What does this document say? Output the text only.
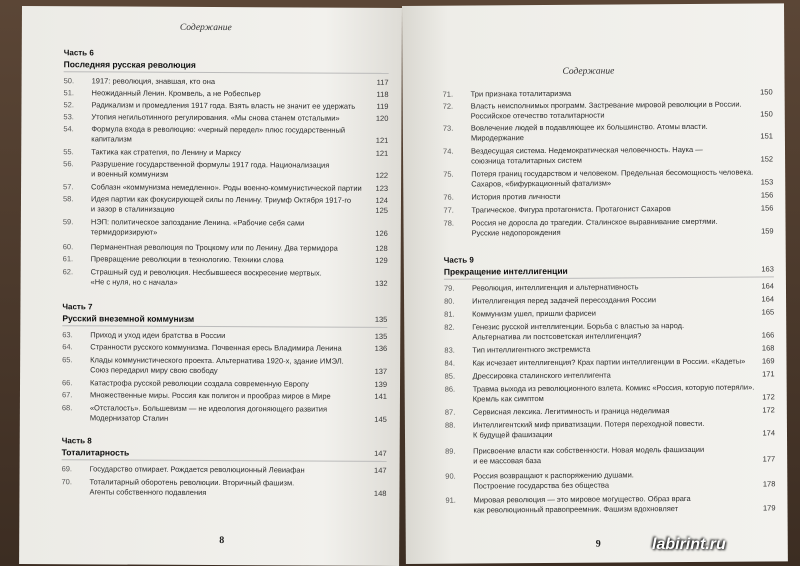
Содержание
Часть 6
Последняя русская революция
50. 1917: революция, знавшая, кто она	117
51. Неожиданный Ленин. Кромвель, а не Робеспьер	118
52. Радикализм и промедления 1917 года. Взять власть не значит ее удержать	119
53. Утопия негильотинного регулирования. «Мы снова станем отсталыми»	120
54. Формула входа в революцию: «черный передел» плюс государственный
капитализм	121
55. Тактика как стратегия, по Ленину и Марксу	121
56. Разрушение государственной формулы 1917 года. Национализация
и военный коммунизм	122
57. Соблазн «коммунизма немедленно». Роды военно-коммунистической партии 123
58. Идея партии как фокусирующей силы по Ленину. Триумф Октября 1917-го	124
и зазор в сталинизацию	125
59. НЭП: политическое запоздание Ленина. «Рабочие себя сами
термидоризируют»	126
60. Перманентная революция по Троцкому или по Ленину. Два термидора	128
61. Превращение революции в технологию. Техники слова	129
62. Страшный суд и революция. Несбывшееся воскресение мертвых.
«Не с нуля, но с начала»	132
Часть 7
Русский внеземной коммунизм	135
63. Приход и уход идеи братства в России	135
64. Странности русского коммунизма. Почвенная ересь Владимира Ленина	136
65. Клады коммунистического проекта. Альтернатива 1920-х, здание ИМЭЛ.
Союз передарил миру свою свободу	137
66. Катастрофа русской революции создала современную Европу	139
67. Множественные миры. Россия как полигон и прообраз миров в Мире	141
68. «Отсталость». Большевизм — не идеология догоняющего развития
Модернизатор Сталин	145
Часть 8
Тоталитарность	147
69. Государство отмирает. Рождается революционный Левиафан	147
70. Тоталитарный оборотень революции. Вторичный фашизм.
Агенты собственного подавления	148
8
Содержание
71. Три признака тоталитаризма	150
72. Власть неисполнимых программ. Застревание мировой революции в России.
Российское отечество тоталитарности	150
73. Вовлечение людей в подавляющее их большинство. Атомы власти.
Миродержание	151
74. Вездесущая система. Недемократическая человечность. Наука —
союзница тоталитарных систем	152
75. Потеря границ государством и человеком. Предельная бесомощность человека.
Сахаров, «бифуркационный фатализм»	153
76. История против личности	156
77. Трагическое. Фигура протагониста. Протагонист Сахаров	156
78. Россия не доросла до трагедии. Сталинское выравнивание смертями.
Русские недопорождения	159
Часть 9
Прекращение интеллигенции	163
79. Революция, интеллигенция и альтернативность	164
80. Интеллигенция перед задачей пересоздания России	164
81. Коммунизм ушел, пришли фарисеи	165
82. Генезис русской интеллигенции. Борьба с властью за народ.
Альтернатива ли постсоветская интеллигенция?	166
83. Тип интеллигентного экстремиста	168
84. Как исчезает интеллигенция? Крах партии интеллигенции в России. «Кадеты» 169
85. Дрессировка сталинского интеллигента	171
86. Травма выхода из революционного взлета. Комикс «Россия, которую потеряли».
Кремль как симптом	172
87. Сервисная лексика. Легитимность и граница неделимая	172
88. Интеллигентский миф приватизации. Потеря переходной повести.
К будущей фашизации	174
89. Присвоение власти как собственности. Новая модель фашизации
и ее массовая база	177
90. Россия возвращают к распоряжению душами.
Построение государства без общества	178
91. Мировая революция — это мировое могущество. Образ врага
как революционный правопреемник. Фашизм вдохновляет	179
9	labirint.ru
